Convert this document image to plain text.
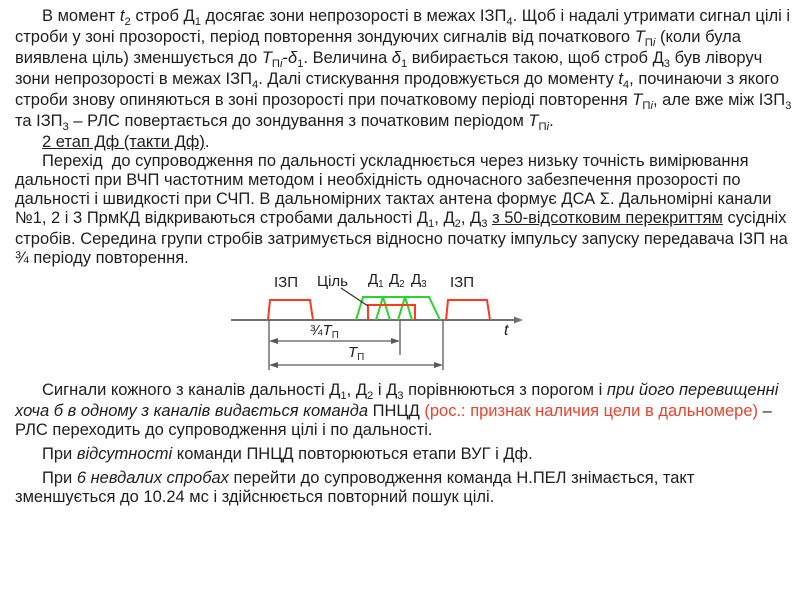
В момент $t_2$ строб $Д_1$ досягає зони непрозорості в межах $ІЗП_4$. Щоб і надалі утримати сигнал цілі і строби у зоні прозорості, період повторення зондуючих сигналів від початкового $Т_{Пі}$ (коли була виявлена ціль) зменшується до $Т_{Пі}-\delta_1$. Величина $\delta_1$ вибирається такою, щоб строб $Д_3$ був ліворуч зони непрозорості в межах $ІЗП_4$. Далі стискування продовжується до моменту $t_4$, починаючи з якого строби знову опиняються в зоні прозорості при початковому періоді повторення $Т_{Пі}$, але вже між $ІЗП_3$ та $ІЗП_3$ – РЛС повертається до зондування з початковим періодом $Т_{Пі}$.

2 етап Дф (такти Дф).

Перехід  до супроводження по дальності ускладнюється через низьку точність вимірювання дальності при ВЧП частотним методом і необхідність одночасного забезпечення прозорості по дальності і швидкості при СЧП. В дальномірних тактах антена формує ДСА Σ. Дальномірні канали №1, 2 і 3 ПрмКД відкриваються стробами дальності $Д_1$, $Д_2$, $Д_3$ з 50-відсотковим перекриттям сусідніх стробів. Середина групи стробів затримується відносно початку імпульсу запуску передавача ІЗП на ¾ періоду повторення.

ІЗП Ціль $Д_1$ $Д_2$ $Д_3$ ІЗП
$\frac{3}{4}Т_П$
$Т_П$
t

Сигнали кожного з каналів дальності $Д_1$, $Д_2$ і $Д_3$ порівнюються з порогом і при його перевищенні хоча б в одному з каналів видається команда ПНЦД (рос.: признак наличия цели в дальномере) – РЛС переходить до супроводження цілі і по дальності.

При відсутності команди ПНЦД повторюються етапи ВУГ і Дф.

При 6 невдалих спробах перейти до супроводження команда Н.ПЕЛ знімається, такт зменшується до 10.24 мс і здійснюється повторний пошук цілі.
